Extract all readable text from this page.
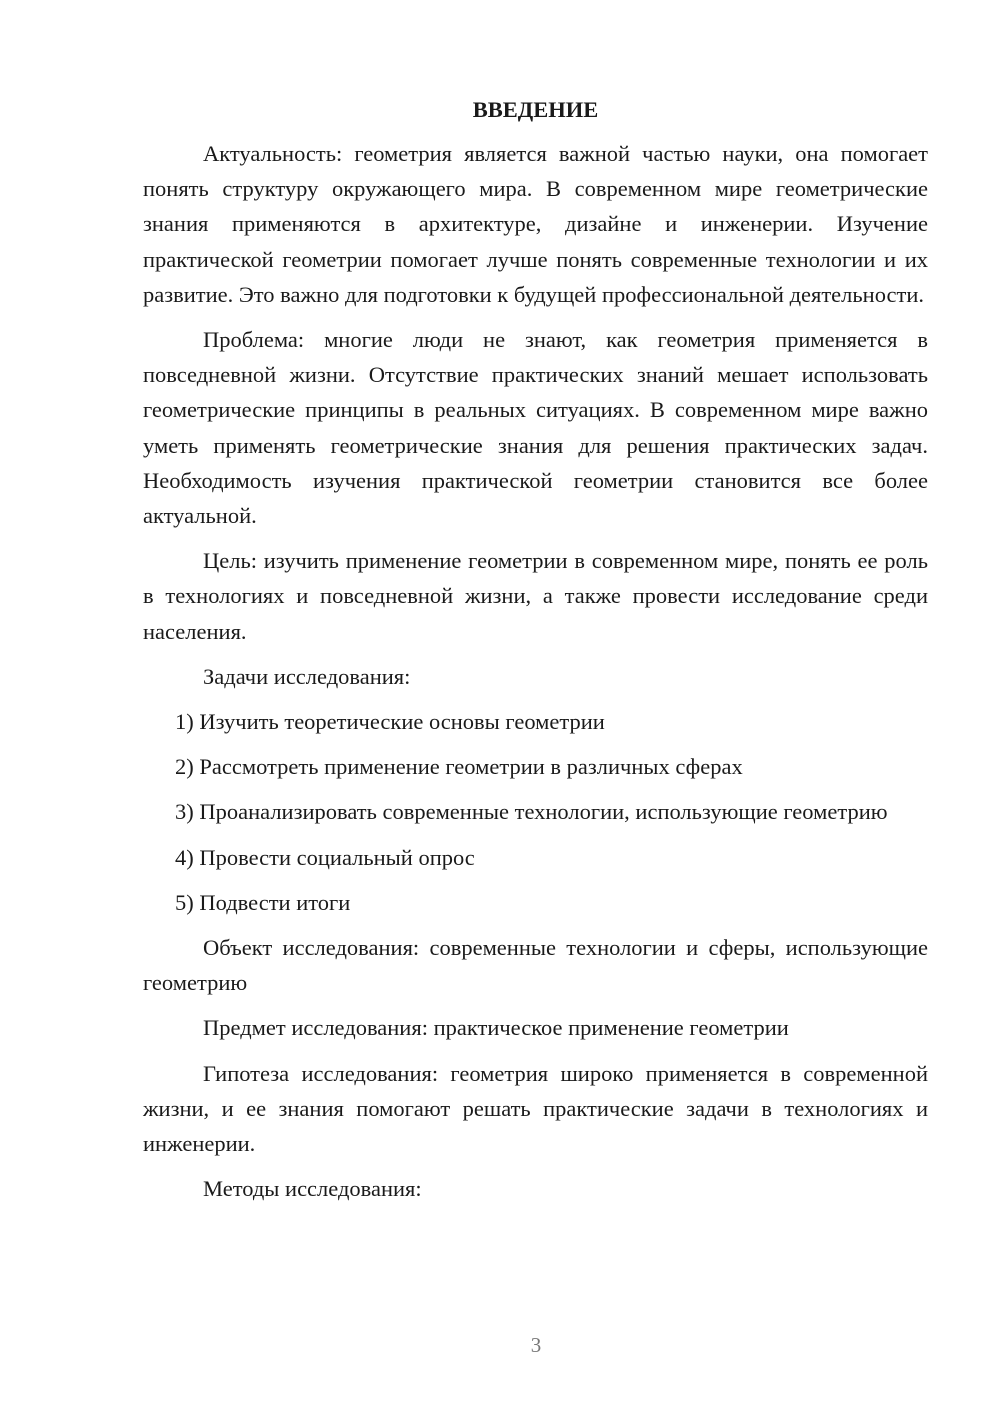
ВВЕДЕНИЕ

Актуальность: геометрия является важной частью науки, она помогает понять структуру окружающего мира. В современном мире геометрические знания применяются в архитектуре, дизайне и инженерии. Изучение практической геометрии помогает лучше понять современные технологии и их развитие. Это важно для подготовки к будущей профессиональной деятельности.

Проблема: многие люди не знают, как геометрия применяется в повседневной жизни. Отсутствие практических знаний мешает использовать геометрические принципы в реальных ситуациях. В современном мире важно уметь применять геометрические знания для решения практических задач. Необходимость изучения практической геометрии становится все более актуальной.

Цель: изучить применение геометрии в современном мире, понять ее роль в технологиях и повседневной жизни, а также провести исследование среди населения.

Задачи исследования:

1) Изучить теоретические основы геометрии

2) Рассмотреть применение геометрии в различных сферах

3) Проанализировать современные технологии, использующие геометрию

4) Провести социальный опрос

5) Подвести итоги

Объект исследования: современные технологии и сферы, использующие геометрию

Предмет исследования: практическое применение геометрии

Гипотеза исследования: геометрия широко применяется в современной жизни, и ее знания помогают решать практические задачи в технологиях и инженерии.

Методы исследования:

3
